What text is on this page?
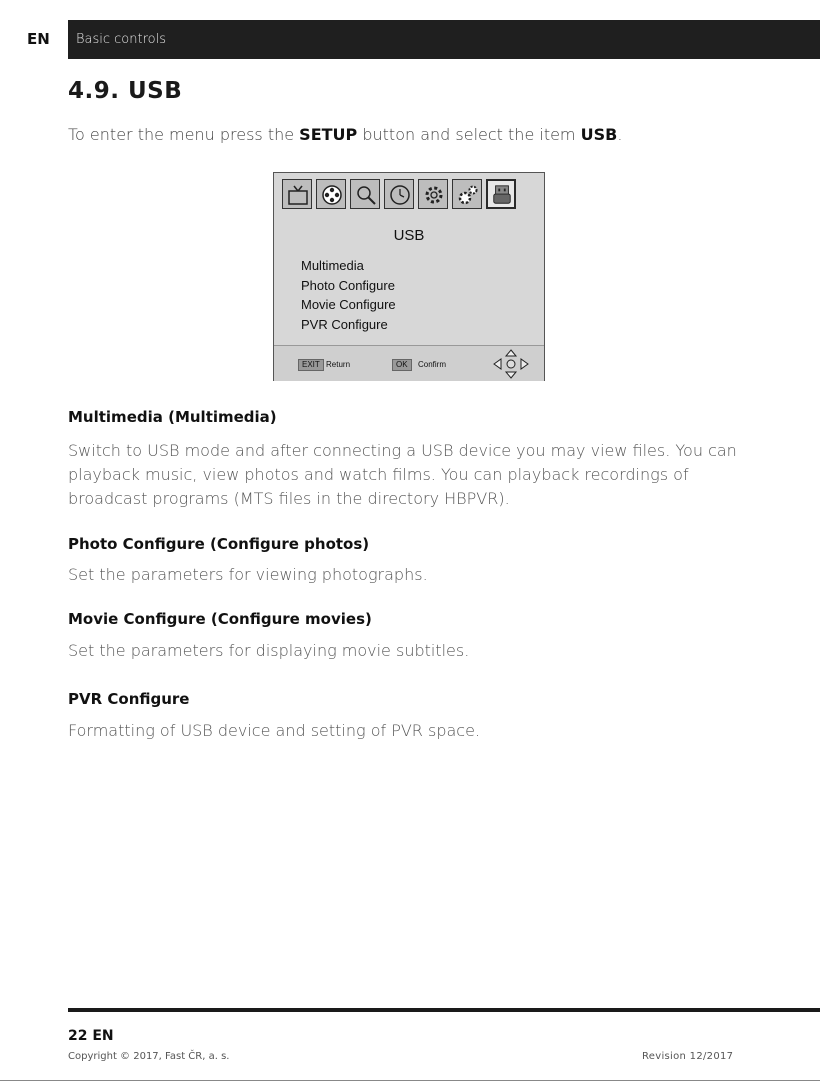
EN	Basic controls
4.9. USB
To enter the menu press the SETUP button and select the item USB.
USB
Multimedia
Photo Configure
Movie Configure
PVR Configure
EXIT Return	OK	Confirm
Multimedia (Multimedia)
Switch to USB mode and after connecting a USB device you may view files. You can playback music, view photos and watch films. You can playback recordings of broadcast programs (MTS files in the directory HBPVR).
Photo Configure (Configure photos)
Set the parameters for viewing photographs.
Movie Configure (Configure movies)
Set the parameters for displaying movie subtitles.
PVR Configure
Formatting of USB device and setting of PVR space.
22 EN
Copyright © 2017, Fast ČR, a. s.	Revision 12/2017
